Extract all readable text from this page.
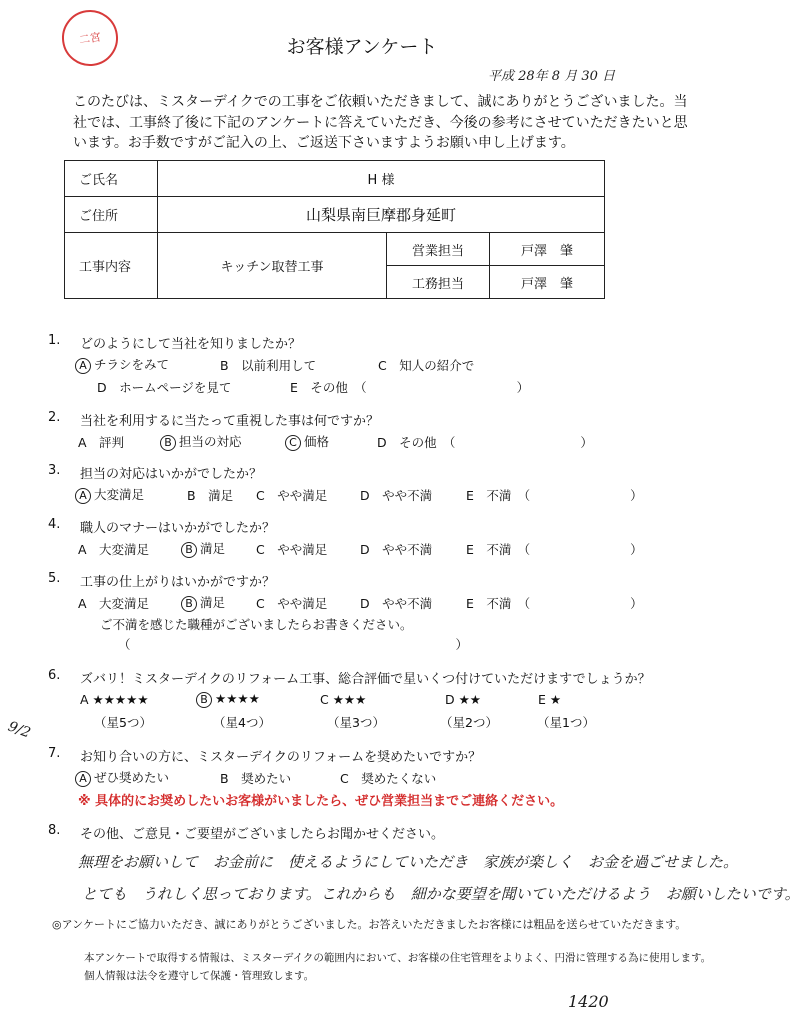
二宮	お客様アンケート
平成 28年 8 月 30 日
このたびは、ミスターデイクでの工事をご依頼いただきまして、誠にありがとうございました。当社では、工事終了後に下記のアンケートに答えていただき、今後の参考にさせていただきたいと思います。お手数ですがご記入の上、ご返送下さいますようお願い申し上げます。
ご氏名	H 様		
ご住所	山梨県南巨摩郡身延町		
工事内容	キッチン取替工事	営業担当	戸澤　肇
		工務担当	戸澤　肇
1. どのようにして当社を知りましたか？
A チラシをみて	B　以前利用して	C　知人の紹介で
D　ホームページを見て	E　その他　（　　　　　　　　　　　　）
2. 当社を利用するに当たって重視した事は何ですか？
A　評判	B 担当の対応	C 価格	D　その他　（　　　　　　　　　　）
3. 担当の対応はいかがでしたか？
A 大変満足	B　満足 C　やや満足	D　やや不満	E　不満　（　　　　　　　　）
4. 職人のマナーはいかがでしたか？
A　大変満足	B 満足 C　やや満足	D　やや不満	E　不満　（　　　　　　　　）
5. 工事の仕上がりはいかがですか？
A　大変満足	B 満足 C　やや満足	D　やや不満	E　不満　（　　　　　　　　）
ご不満を感じた職種がございましたらお書きください。
（　　　　　　　　　　　　　　　　　　　　　　　　　　）
6. ズバリ！ミスターデイクのリフォーム工事、総合評価で星いくつ付けていただけますでしょうか？
A ★★★★★	B ★★★★	C ★★★	D ★★	E ★
（星5つ）	（星4つ）	（星3つ）	（星2つ）	（星1つ）
9/2
7. お知り合いの方に、ミスターデイクのリフォームを奨めたいですか？
A ぜひ奨めたい	B　奨めたい	C　奨めたくない
※ 具体的にお奨めしたいお客様がいましたら、ぜひ営業担当までご連絡ください。
8. その他、ご意見・ご要望がございましたらお聞かせください。
無理をお願いして　お金前に　使えるようにしていただき　家族が楽しく　お金を過ごせました。
とても　うれしく思っております。これからも　細かな要望を聞いていただけるよう　お願いしたいです。
◎アンケートにご協力いただき、誠にありがとうございました。お答えいただきましたお客様には粗品を送らせていただきます。
本アンケートで取得する情報は、ミスターデイクの範囲内において、お客様の住宅管理をよりよく、円滑に管理する為に使用します。
個人情報は法令を遵守して保護・管理致します。
1420
